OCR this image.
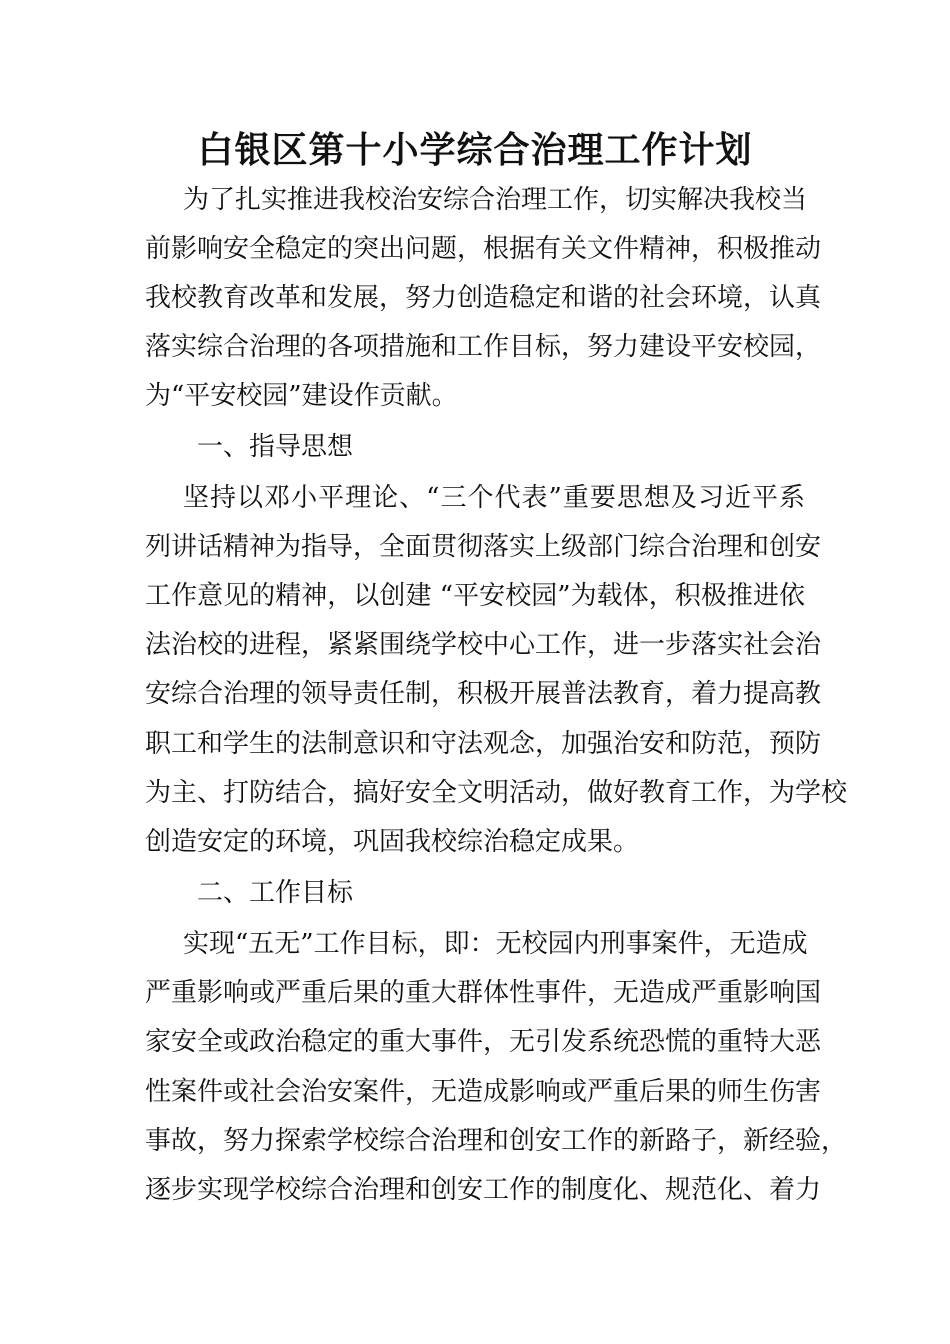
白银区第十小学综合治理工作计划

为了扎实推进我校治安综合治理工作，切实解决我校当

前影响安全稳定的突出问题，根据有关文件精神，积极推动

我校教育改革和发展，努力创造稳定和谐的社会环境，认真

落实综合治理的各项措施和工作目标，努力建设平安校园，

为“平安校园”建设作贡献。

一、指导思想

坚持以邓小平理论、“三个代表”重要思想及习近平系

列讲话精神为指导，全面贯彻落实上级部门综合治理和创安

工作意见的精神，以创建 “平安校园”为载体，积极推进依

法治校的进程，紧紧围绕学校中心工作，进一步落实社会治

安综合治理的领导责任制，积极开展普法教育，着力提高教

职工和学生的法制意识和守法观念，加强治安和防范，预防

为主、打防结合，搞好安全文明活动，做好教育工作，为学校

创造安定的环境，巩固我校综治稳定成果。

二、工作目标

实现“五无”工作目标，即：无校园内刑事案件，无造成

严重影响或严重后果的重大群体性事件，无造成严重影响国

家安全或政治稳定的重大事件，无引发系统恐慌的重特大恶

性案件或社会治安案件，无造成影响或严重后果的师生伤害

事故，努力探索学校综合治理和创安工作的新路子，新经验，

逐步实现学校综合治理和创安工作的制度化、规范化、着力
